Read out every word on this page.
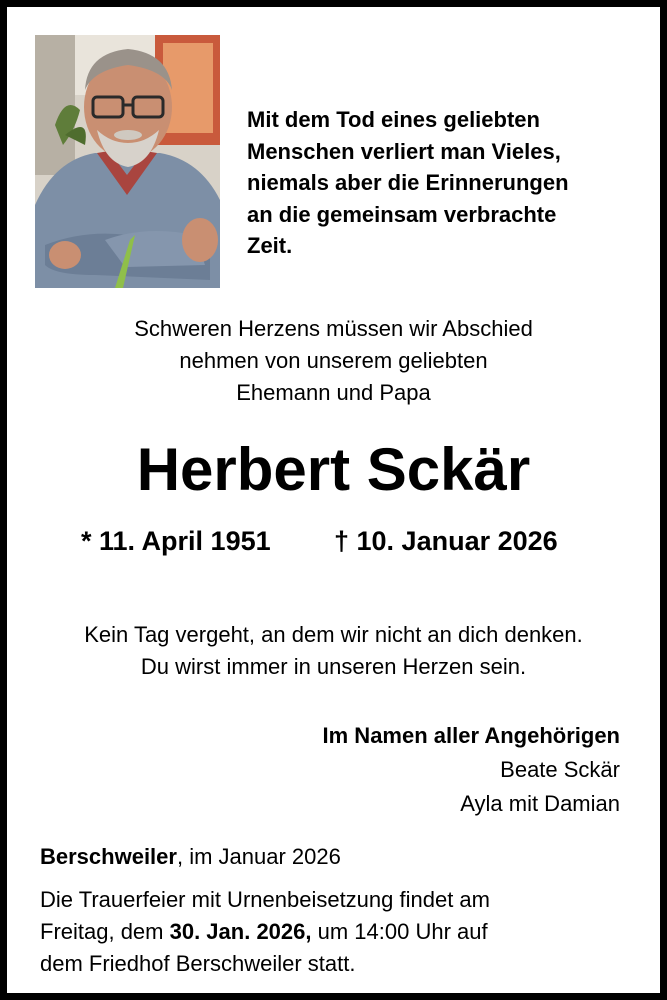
Mit dem Tod eines geliebten
Menschen verliert man Vieles,
niemals aber die Erinnerungen
an die gemeinsam verbrachte
Zeit.
Schweren Herzens müssen wir Abschied
nehmen von unserem geliebten
Ehemann und Papa
Herbert Sckär
* 11. April 1951 † 10. Januar 2026
Kein Tag vergeht, an dem wir nicht an dich denken.
Du wirst immer in unseren Herzen sein.
Im Namen aller Angehörigen
Beate Sckär
Ayla mit Damian
Berschweiler, im Januar 2026
Die Trauerfeier mit Urnenbeisetzung findet am
Freitag, dem 30. Jan. 2026, um 14:00 Uhr auf
dem Friedhof Berschweiler statt.
